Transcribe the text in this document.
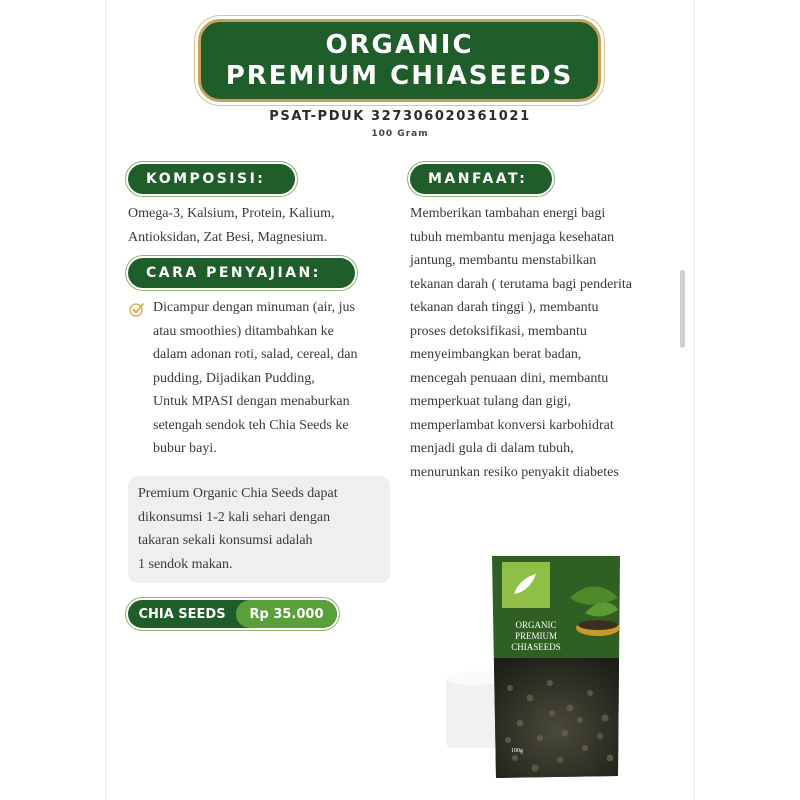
ORGANIC
PREMIUM CHIASEEDS
PSAT-PDUK 327306020361021
100 Gram
KOMPOSISI:
Omega-3, Kalsium, Protein, Kalium,
Antioksidan, Zat Besi, Magnesium.
CARA PENYAJIAN:
Dicampur dengan minuman (air, jus
atau smoothies) ditambahkan ke
dalam adonan roti, salad, cereal, dan
pudding, Dijadikan Pudding,
Untuk MPASI dengan menaburkan
setengah sendok teh Chia Seeds ke
bubur bayi.
Premium Organic Chia Seeds dapat
dikonsumsi 1-2 kali sehari dengan
takaran sekali konsumsi adalah
1 sendok makan.
CHIA SEEDS	Rp 35.000
MANFAAT:
Memberikan tambahan energi bagi
tubuh membantu menjaga kesehatan
jantung, membantu menstabilkan
tekanan darah ( terutama bagi penderita
tekanan darah tinggi ), membantu
proses detoksifikasi, membantu
menyeimbangkan berat badan,
mencegah penuaan dini, membantu
memperkuat tulang dan gigi,
memperlambat konversi karbohidrat
menjadi gula di dalam tubuh,
menurunkan resiko penyakit diabetes
ORGANIC
PREMIUM
CHIASEEDS
100g
